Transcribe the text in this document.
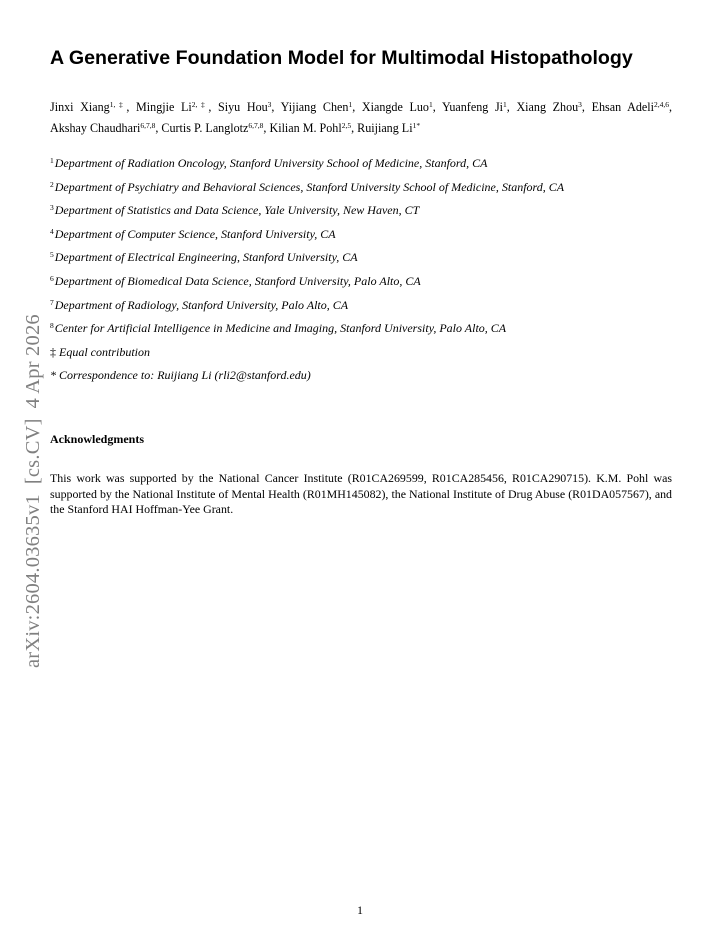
arXiv:2604.03635v1[cs.CV]4 Apr 2026
A Generative Foundation Model for Multimodal Histopathology
Jinxi Xiang$^{1,\ddagger}$, Mingjie $Li^{2,\ddagger}$, Siyu Hou$^3$, Yijiang Chen$^1$, Xiangde Luo$^1$, Yuanfeng Ji$^1$, Xiang Zhou$^3$, Ehsan Adeli$^{2,4,6}$, Akshay Chaudhari$^{6,7,8}$, Curtis P. Langlotz$^{6,7,8}$, Kilian M. Pohl$^{2,5}$, Ruijiang $Li^{1*}$
$^1$Department of Radiation Oncology, Stanford University School of Medicine, Stanford, CA
$^2$Department of Psychiatry and Behavioral Sciences, Stanford University School of Medicine, Stanford, CA
$^3$Department of Statistics and Data Science, Yale University, New Haven, CT
$^4$Department of Computer Science, Stanford University, CA
$^5$Department of Electrical Engineering, Stanford University, CA
$^6$Department of Biomedical Data Science, Stanford University, Palo Alto, CA
$^7$Department of Radiology, Stanford University, Palo Alto, CA
$^8$Center for Artificial Intelligence in Medicine and Imaging, Stanford University, Palo Alto, CA
‡ Equal contribution
* Correspondence to: Ruijiang Li (rli2@stanford.edu)
Acknowledgments
This work was supported by the National Cancer Institute (R01CA269599, R01CA285456, R01CA290715). K.M. Pohl was supported by the National Institute of Mental Health (R01MH145082), the National Institute of Drug Abuse (R01DA057567), and the Stanford HAI Hoffman-Yee Grant.
1
